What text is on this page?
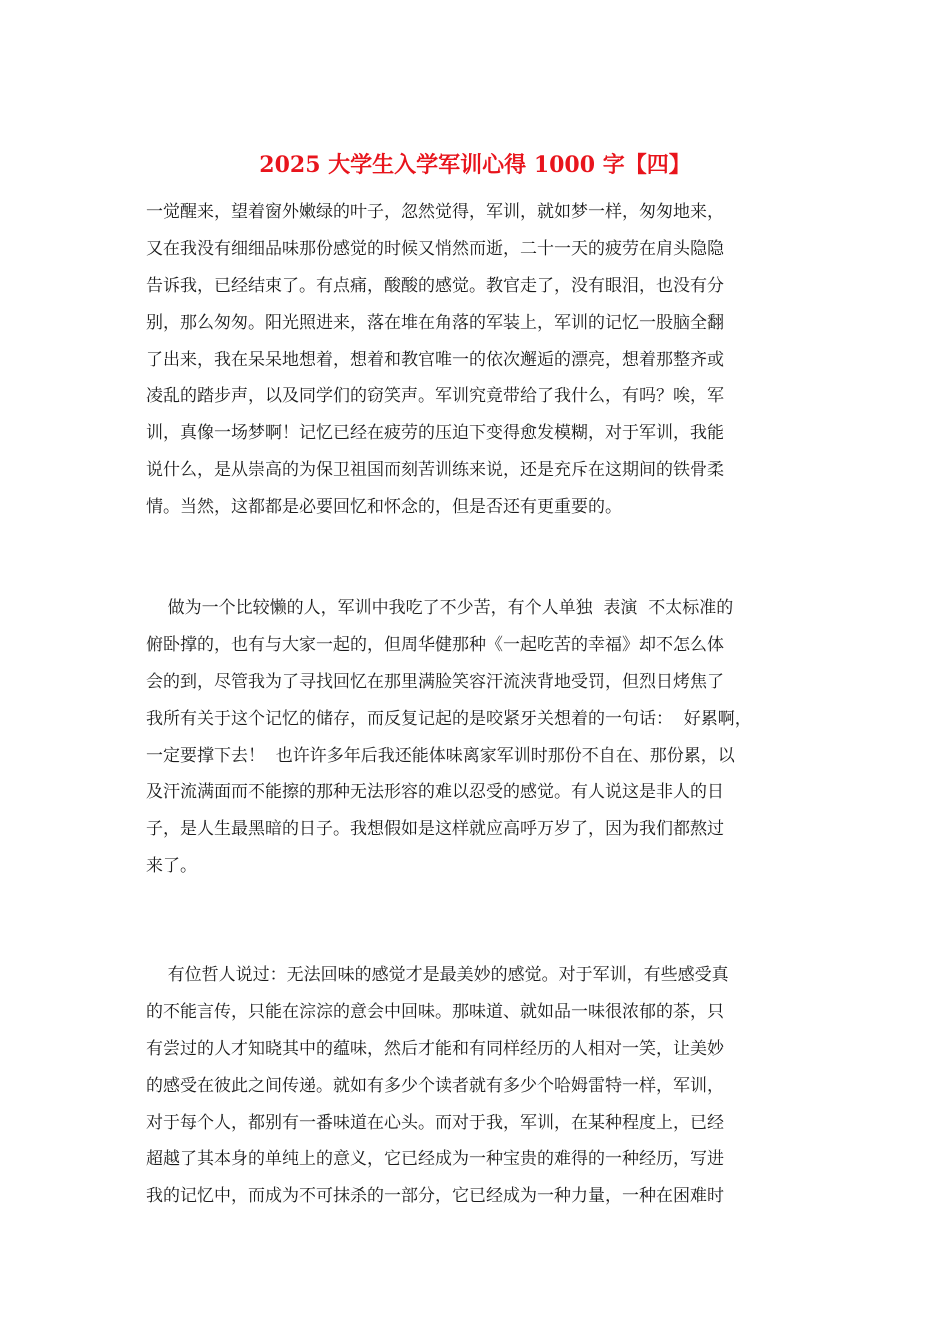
2025 大学生入学军训心得 1000 字【四】
一觉醒来，望着窗外嫩绿的叶子，忽然觉得，军训，就如梦一样，匆匆地来，
又在我没有细细品味那份感觉的时候又悄然而逝，二十一天的疲劳在肩头隐隐
告诉我，已经结束了。有点痛，酸酸的感觉。教官走了，没有眼泪，也没有分
别，那么匆匆。阳光照进来，落在堆在角落的军装上，军训的记忆一股脑全翻
了出来，我在呆呆地想着，想着和教官唯一的依次邂逅的漂亮，想着那整齐或
凌乱的踏步声，以及同学们的窃笑声。军训究竟带给了我什么，有吗？唉，军
训，真像一场梦啊！记忆已经在疲劳的压迫下变得愈发模糊，对于军训，我能
说什么，是从崇高的为保卫祖国而刻苦训练来说，还是充斥在这期间的铁骨柔
情。当然，这都都是必要回忆和怀念的，但是否还有更重要的。
做为一个比较懒的人，军训中我吃了不少苦，有个人单独  表演  不太标准的
俯卧撑的，也有与大家一起的，但周华健那种《一起吃苦的幸福》却不怎么体
会的到，尽管我为了寻找回忆在那里满脸笑容汗流浃背地受罚，但烈日烤焦了
我所有关于这个记忆的储存，而反复记起的是咬紧牙关想着的一句话：  好累啊，
一定要撑下去！  也许许多年后我还能体味离家军训时那份不自在、那份累，以
及汗流满面而不能擦的那种无法形容的难以忍受的感觉。有人说这是非人的日
子，是人生最黑暗的日子。我想假如是这样就应高呼万岁了，因为我们都熬过
来了。
有位哲人说过：无法回味的感觉才是最美妙的感觉。对于军训，有些感受真
的不能言传，只能在淙淙的意会中回味。那味道、就如品一味很浓郁的茶，只
有尝过的人才知晓其中的蕴味，然后才能和有同样经历的人相对一笑，让美妙
的感受在彼此之间传递。就如有多少个读者就有多少个哈姆雷特一样，军训，
对于每个人，都别有一番味道在心头。而对于我，军训，在某种程度上，已经
超越了其本身的单纯上的意义，它已经成为一种宝贵的难得的一种经历，写进
我的记忆中，而成为不可抹杀的一部分，它已经成为一种力量，一种在困难时
